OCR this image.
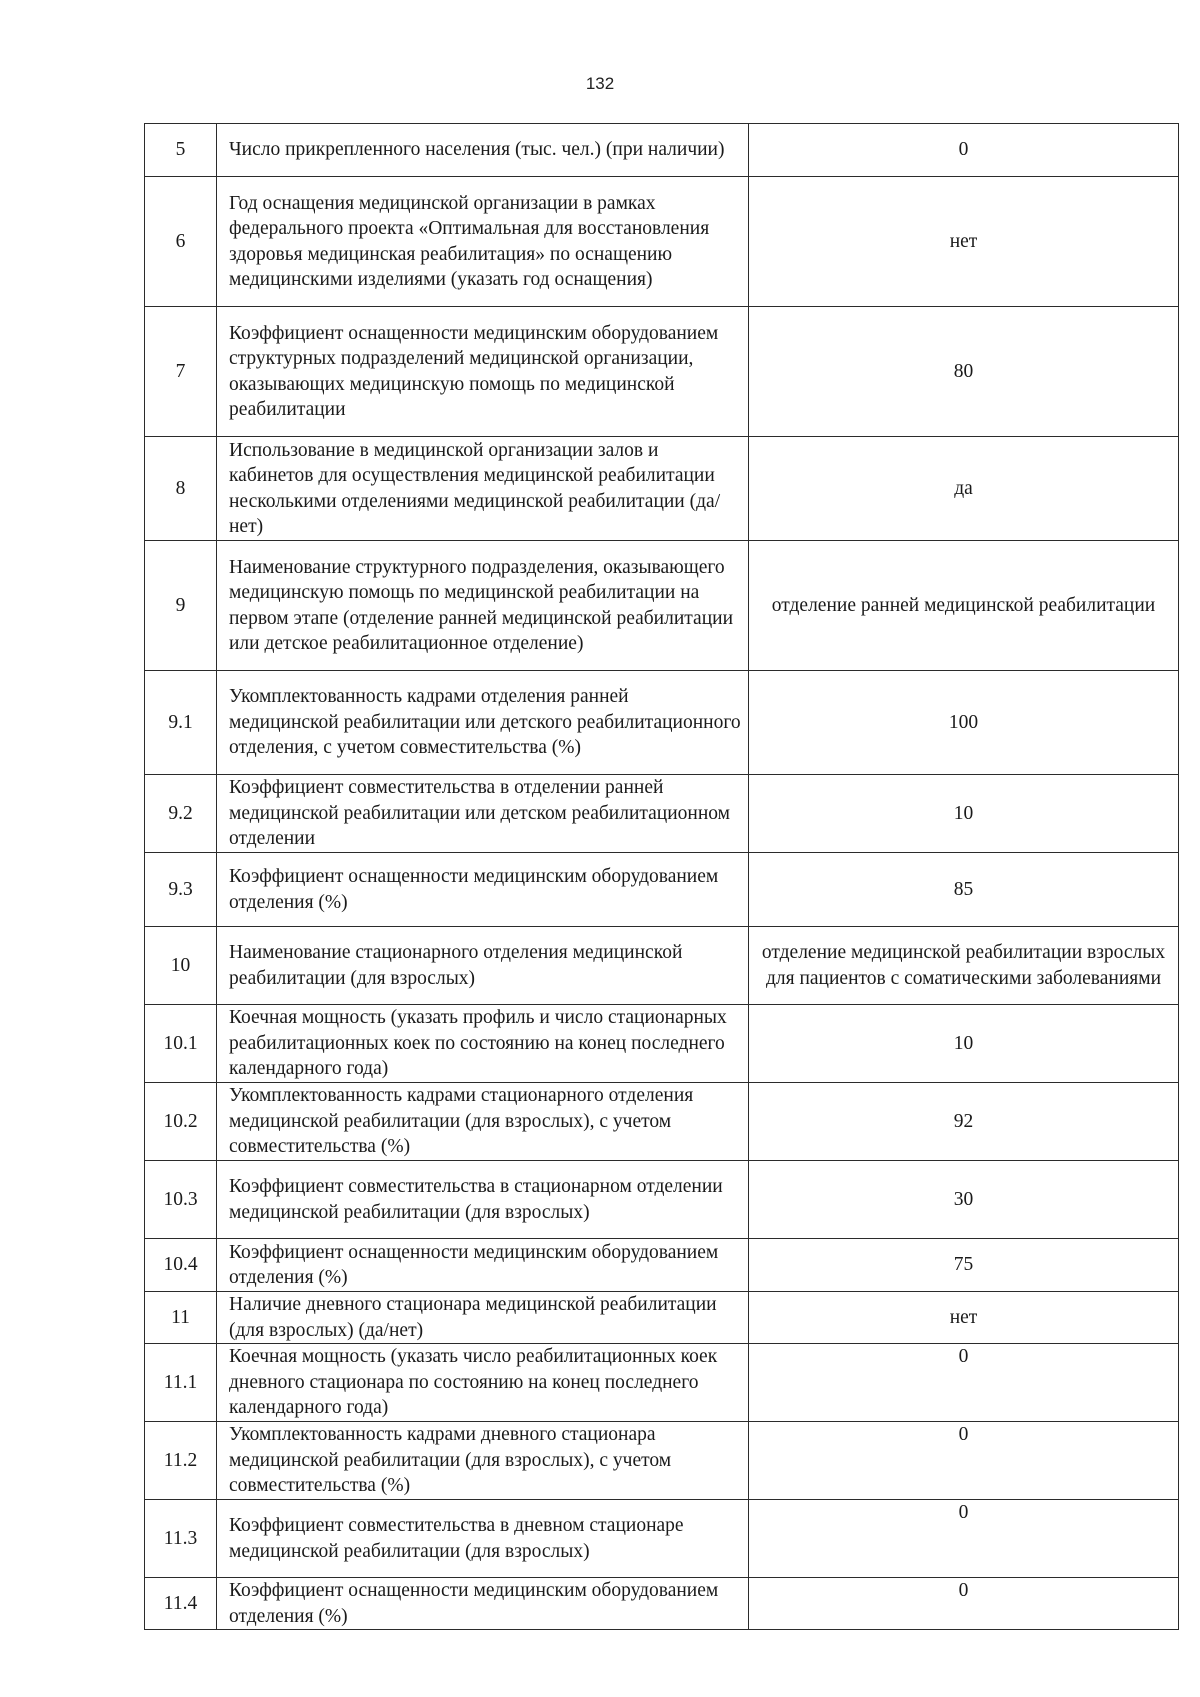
132
5	Число прикрепленного населения (тыс. чел.) (при наличии)	0
6	Год оснащения медицинской организации в рамках федерального проекта «Оптимальная для восстановления здоровья медицинская реабилитация» по оснащению медицинскими изделиями (указать год оснащения)	нет
7	Коэффициент оснащенности медицинским оборудованием структурных подразделений медицинской организации, оказывающих медицинскую помощь по медицинской реабилитации	80
8	Использование в медицинской организации залов и кабинетов для осуществления медицинской реабилитации несколькими отделениями медицинской реабилитации (да/нет)	да
9	Наименование структурного подразделения, оказывающего медицинскую помощь по медицинской реабилитации на первом этапе (отделение ранней медицинской реабилитации или детское реабилитационное отделение)	отделение ранней медицинской реабилитации
9.1	Укомплектованность кадрами отделения ранней медицинской реабилитации или детского реабилитационного отделения, с учетом совместительства (%)	100
9.2	Коэффициент совместительства в отделении ранней медицинской реабилитации или детском реабилитационном отделении	10
9.3	Коэффициент оснащенности медицинским оборудованием отделения (%)	85
10	Наименование стационарного отделения медицинской реабилитации (для взрослых)	отделение медицинской реабилитации взрослых для пациентов с соматическими заболеваниями
10.1	Коечная мощность (указать профиль и число стационарных реабилитационных коек по состоянию на конец последнего календарного года)	10
10.2	Укомплектованность кадрами стационарного отделения медицинской реабилитации (для взрослых), с учетом совместительства (%)	92
10.3	Коэффициент совместительства в стационарном отделении медицинской реабилитации (для взрослых)	30
10.4	Коэффициент оснащенности медицинским оборудованием отделения (%)	75
11	Наличие дневного стационара медицинской реабилитации (для взрослых) (да/нет)	нет
11.1	Коечная мощность (указать число реабилитационных коек дневного стационара по состоянию на конец последнего календарного года)	0
11.2	Укомплектованность кадрами дневного стационара медицинской реабилитации (для взрослых), с учетом совместительства (%)	0
11.3	Коэффициент совместительства в дневном стационаре медицинской реабилитации (для взрослых)	0
11.4	Коэффициент оснащенности медицинским оборудованием отделения (%)	0
